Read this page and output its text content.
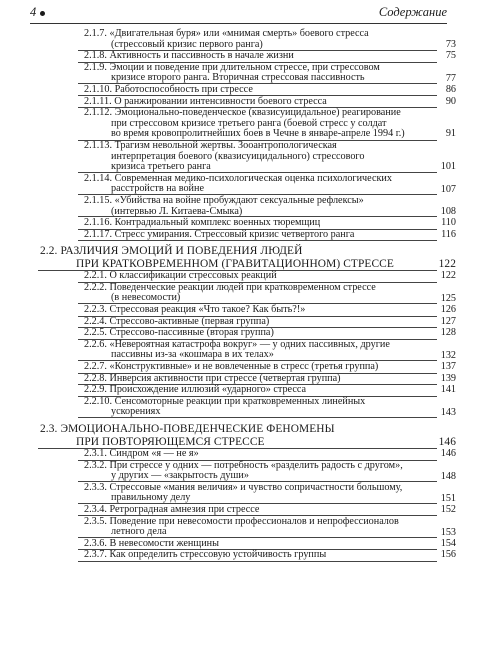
4	Содержание
2.1.7. «Двигательная буря» или «мнимая смерть» боевого стресса
(стрессовый кризис первого ранга)	73
2.1.8. Активность и пассивность в начале жизни	75
2.1.9. Эмоции и поведение при длительном стрессе, при стрессовом
кризисе второго ранга. Вторичная стрессовая пассивность	77
2.1.10. Работоспособность при стрессе	86
2.1.11. О ранжировании интенсивности боевого стресса	90
2.1.12. Эмоционально-поведенческое (квазисуицидальное) реагирование
при стрессовом кризисе третьего ранга (боевой стресс у солдат
во время кровопролитнейших боев в Чечне в январе-апреле 1994 г.)	91
2.1.13. Трагизм невольной жертвы. Зооантропологическая
интерпретация боевого (квазисуицидального) стрессового
кризиса третьего ранга	101
2.1.14. Современная медико-психологическая оценка психологических
расстройств на войне	107
2.1.15. «Убийства на войне пробуждают сексуальные рефлексы»
(интервью Л. Китаева-Смыка)	108
2.1.16. Контрадиальный комплекс военных тюремщиц	110
2.1.17. Стресс умирания. Стрессовый кризис четвертого ранга	116
2.2. РАЗЛИЧИЯ ЭМОЦИЙ И ПОВЕДЕНИЯ ЛЮДЕЙ
ПРИ КРАТКОВРЕМЕННОМ (ГРАВИТАЦИОННОМ) СТРЕССЕ	122
2.2.1. О классификации стрессовых реакций	122
2.2.2. Поведенческие реакции людей при кратковременном стрессе
(в невесомости)	125
2.2.3. Стрессовая реакция «Что такое? Как быть?!»	126
2.2.4. Стрессово-активные (первая группа)	127
2.2.5. Стрессово-пассивные (вторая группа)	128
2.2.6. «Невероятная катастрофа вокруг» — у одних пассивных, другие
пассивны из-за «кошмара в их телах»	132
2.2.7. «Конструктивные» и не вовлеченные в стресс (третья группа)	137
2.2.8. Инверсия активности при стрессе (четвертая группа)	139
2.2.9. Происхождение иллюзий «ударного» стресса	141
2.2.10. Сенсомоторные реакции при кратковременных линейных
ускорениях	143
2.3. ЭМОЦИОНАЛЬНО-ПОВЕДЕНЧЕСКИЕ ФЕНОМЕНЫ
ПРИ ПОВТОРЯЮЩЕМСЯ СТРЕССЕ	146
2.3.1. Синдром «я — не я»	146
2.3.2. При стрессе у одних — потребность «разделить радость с другом»,
у других — «закрытость души»	148
2.3.3. Стрессовые «мания величия» и чувство сопричастности большому,
правильному делу	151
2.3.4. Ретроградная амнезия при стрессе	152
2.3.5. Поведение при невесомости профессионалов и непрофессионалов
летного дела	153
2.3.6. В невесомости женщины	154
2.3.7. Как определить стрессовую устойчивость группы	156
